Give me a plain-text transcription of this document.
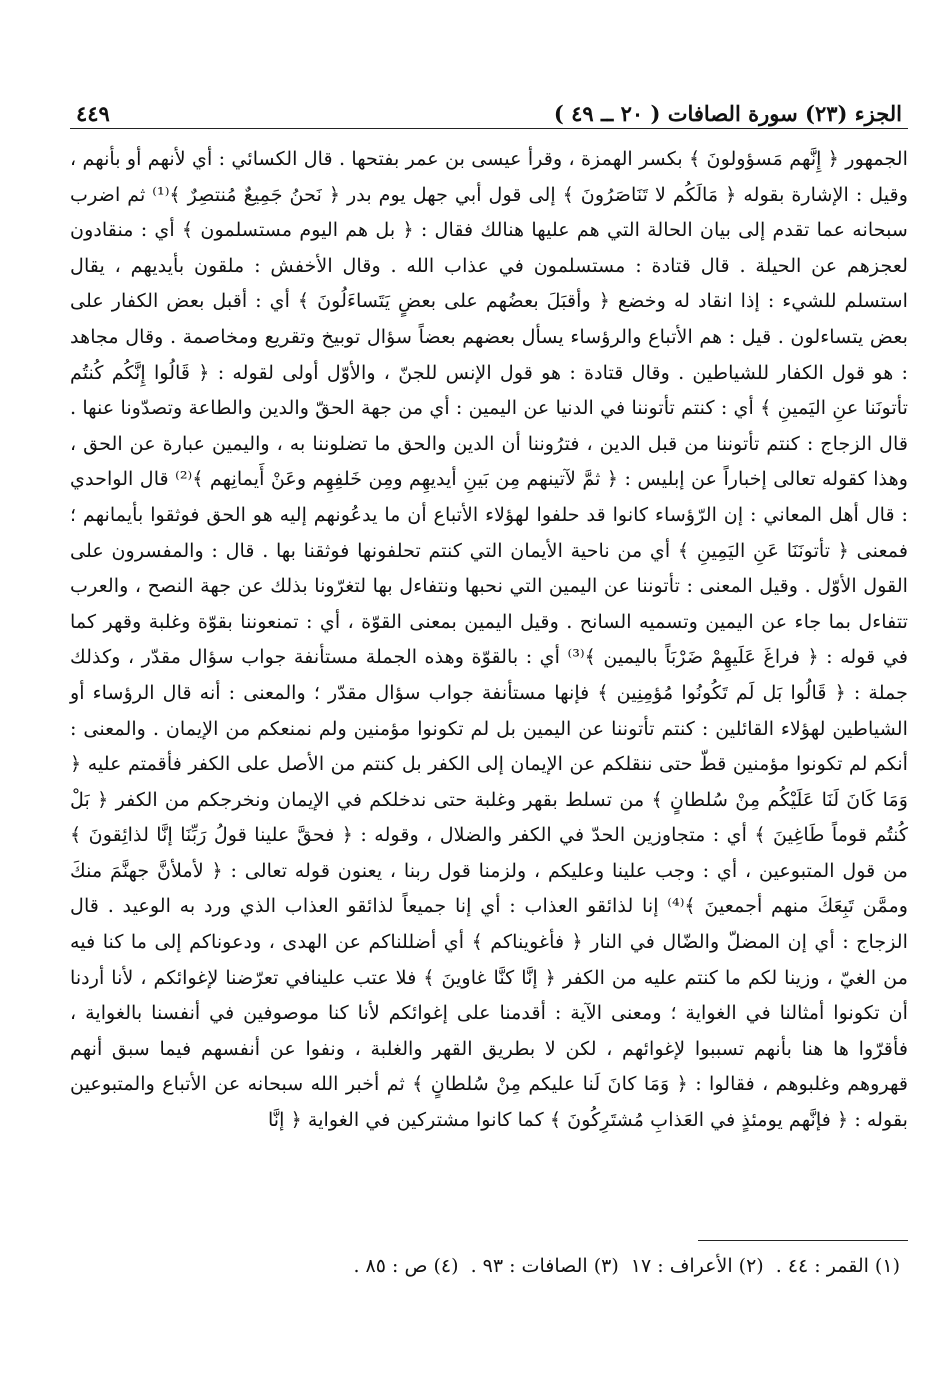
الجزء (٢٣) سورة الصافات ( ٢٠ ــ ٤٩ )
٤٤٩

الجمهور ﴿ إِنَّهم مَسؤولونَ ﴾ بكسر الهمزة ، وقرأ عيسى بن عمر بفتحها . قال الكسائي : أي لأنهم أو بأنهم ، وقيل : الإشارة بقوله ﴿ مَالَكُم لا تَنَاصَرُونَ ﴾ إلى قول أبي جهل يوم بدر ﴿ نَحنُ جَمِيعٌ مُنتصِرٌ ﴾⁽¹⁾ ثم اضرب سبحانه عما تقدم إلى بيان الحالة التي هم عليها هنالك فقال : ﴿ بل هم اليوم مستسلمون ﴾ أي : منقادون لعجزهم عن الحيلة . قال قتادة : مستسلمون في عذاب الله . وقال الأخفش : ملقون بأيديهم ، يقال استسلم للشيء : إذا انقاد له وخضع ﴿ وأقبَلَ بعضُهم على بعضٍ يَتَساءَلُونَ ﴾ أي : أقبل بعض الكفار على بعض يتساءلون . قيل : هم الأتباع والرؤساء يسأل بعضهم بعضاً سؤال توبيخ وتقريع ومخاصمة . وقال مجاهد : هو قول الكفار للشياطين . وقال قتادة : هو قول الإنس للجنّ ، والأوّل أولى لقوله : ﴿ قَالُوا إِنَّكُم كُنتُم تأتونَنا عنِ اليَمينِ ﴾ أي : كنتم تأتوننا في الدنيا عن اليمين : أي من جهة الحقّ والدين والطاعة وتصدّونا عنها . قال الزجاج : كنتم تأتوننا من قبل الدين ، فترُوننا أن الدين والحق ما تضلوننا به ، واليمين عبارة عن الحق ، وهذا كقوله تعالى إخباراً عن إبليس : ﴿ ثمَّ لآتينهم مِن بَينِ أيديهِم ومِن خَلفِهِم وعَنْ أَيمانِهم ﴾⁽²⁾ قال الواحدي : قال أهل المعاني : إن الرّؤساء كانوا قد حلفوا لهؤلاء الأتباع أن ما يدعُونهم إليه هو الحق فوثقوا بأيمانهم ؛ فمعنى ﴿ تأتونَنَا عَنِ اليَمِينِ ﴾ أي من ناحية الأيمان التي كنتم تحلفونها فوثقنا بها . قال : والمفسرون على القول الأوّل . وقيل المعنى : تأتوننا عن اليمين التي نحبها ونتفاءل بها لتغرّونا بذلك عن جهة النصح ، والعرب تتفاءل بما جاء عن اليمين وتسميه السانح . وقيل اليمين بمعنى القوّة ، أي : تمنعوننا بقوّة وغلبة وقهر كما في قوله : ﴿ فراغَ عَلَيهِمْ ضَرْبَاً باليمين ﴾⁽³⁾ أي : بالقوّة وهذه الجملة مستأنفة جواب سؤال مقدّر ، وكذلك جملة : ﴿ قَالُوا بَل لَم تَكُونُوا مُؤمِنِين ﴾ فإنها مستأنفة جواب سؤال مقدّر ؛ والمعنى : أنه قال الرؤساء أو الشياطين لهؤلاء القائلين : كنتم تأتوننا عن اليمين بل لم تكونوا مؤمنين ولم نمنعكم من الإيمان . والمعنى : أنكم لم تكونوا مؤمنين قطّ حتى ننقلكم عن الإيمان إلى الكفر بل كنتم من الأصل على الكفر فأقمتم عليه ﴿ وَمَا كَانَ لَنَا عَلَيْكُم مِنْ سُلطانٍ ﴾ من تسلط بقهر وغلبة حتى ندخلكم في الإيمان ونخرجكم من الكفر ﴿ بَلْ كُنتُم قوماً طَاغِينَ ﴾ أي : متجاوزين الحدّ في الكفر والضلال ، وقوله : ﴿ فحقَّ علينا قولُ رَبِّنَا إنَّا لذائِقونَ ﴾ من قول المتبوعين ، أي : وجب علينا وعليكم ، ولزمنا قول ربنا ، يعنون قوله تعالى : ﴿ لأملأنَّ جهنَّمَ منكَ وممَّن تَبِعَكَ منهم أجمعينَ ﴾⁽⁴⁾ إنا لذائقو العذاب : أي إنا جميعاً لذائقو العذاب الذي ورد به الوعيد . قال الزجاج : أي إن المضلّ والضّال في النار ﴿ فأغويناكم ﴾ أي أضللناكم عن الهدى ، ودعوناكم إلى ما كنا فيه من الغيّ ، وزينا لكم ما كنتم عليه من الكفر ﴿ إنَّا كنَّا غاوينَ ﴾ فلا عتب علينافي تعرّضنا لإغوائكم ، لأنا أردنا أن تكونوا أمثالنا في الغواية ؛ ومعنى الآية : أقدمنا على إغوائكم لأنا كنا موصوفين في أنفسنا بالغواية ، فأقرّوا ها هنا بأنهم تسببوا لإغوائهم ، لكن لا بطريق القهر والغلبة ، ونفوا عن أنفسهم فيما سبق أنهم قهروهم وغلبوهم ، فقالوا : ﴿ وَمَا كانَ لَنا عليكم مِنْ سُلطانٍ ﴾ ثم أخبر الله سبحانه عن الأتباع والمتبوعين بقوله : ﴿ فإنَّهم يومئذٍ في العَذابِ مُشتَرِكُونَ ﴾ كما كانوا مشتركين في الغواية ﴿ إنَّا

(١) القمر : ٤٤ . (٢) الأعراف : ١٧ (٣) الصافات : ٩٣ . (٤) ص : ٨٥ .
